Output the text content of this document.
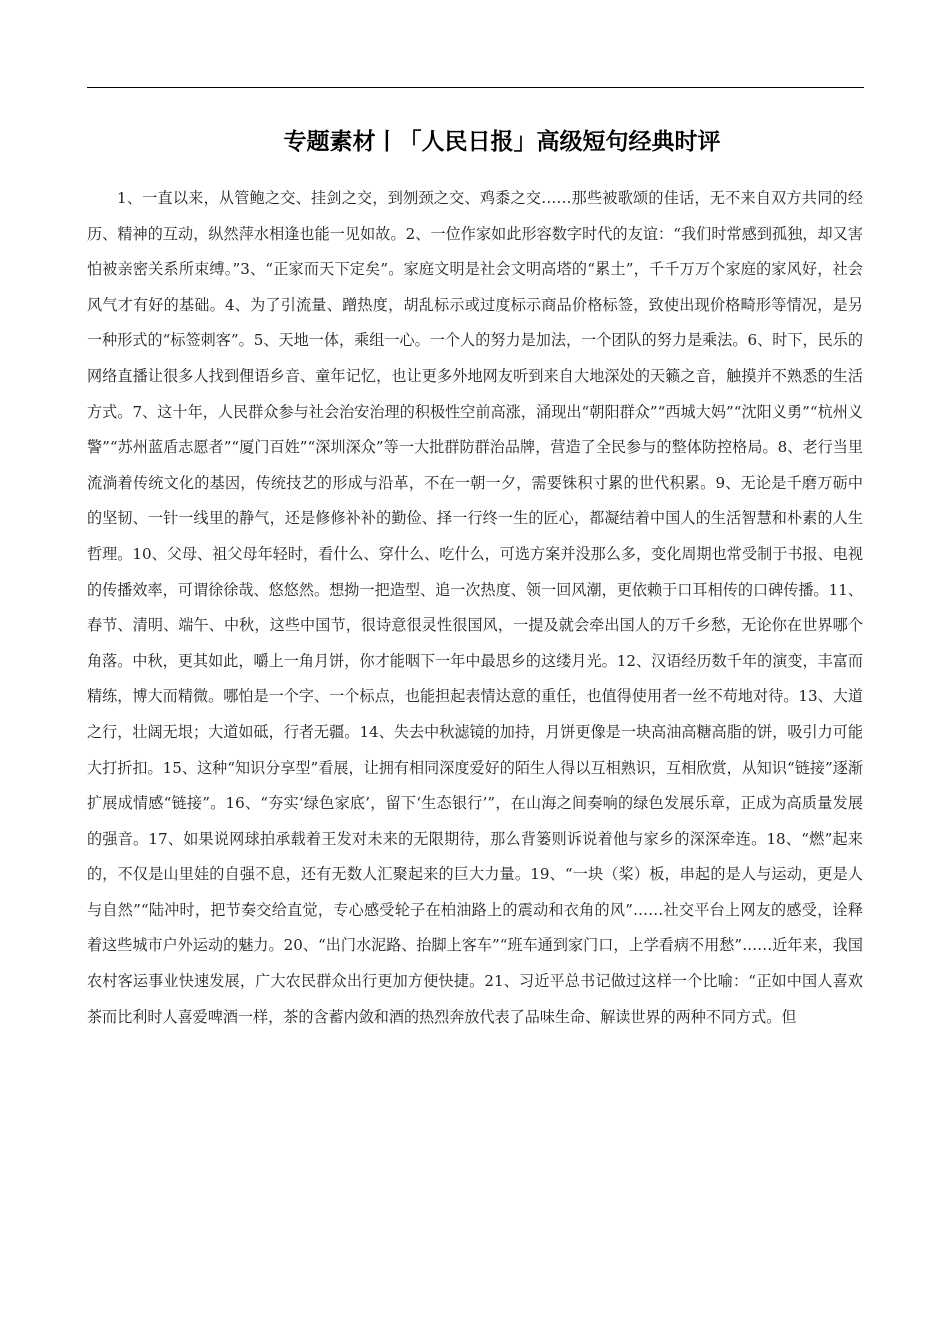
专题素材丨「人民日报」高级短句经典时评

1、一直以来，从管鲍之交、挂剑之交，到刎颈之交、鸡黍之交……那些被歌颂的佳话，无不来自双方共同的经历、精神的互动，纵然萍水相逢也能一见如故。2、一位作家如此形容数字时代的友谊：“我们时常感到孤独，却又害怕被亲密关系所束缚。”3、“正家而天下定矣”。家庭文明是社会文明高塔的“累土”，千千万万个家庭的家风好，社会风气才有好的基础。4、为了引流量、蹭热度，胡乱标示或过度标示商品价格标签，致使出现价格畸形等情况，是另一种形式的“标签刺客”。5、天地一体，乘组一心。一个人的努力是加法，一个团队的努力是乘法。6、时下，民乐的网络直播让很多人找到俚语乡音、童年记忆，也让更多外地网友听到来自大地深处的天籁之音，触摸并不熟悉的生活方式。7、这十年，人民群众参与社会治安治理的积极性空前高涨，涌现出“朝阳群众”“西城大妈”“沈阳义勇”“杭州义警”“苏州蓝盾志愿者”“厦门百姓”“深圳深众”等一大批群防群治品牌，营造了全民参与的整体防控格局。8、老行当里流淌着传统文化的基因，传统技艺的形成与沿革，不在一朝一夕，需要铢积寸累的世代积累。9、无论是千磨万砺中的坚韧、一针一线里的静气，还是修修补补的勤俭、择一行终一生的匠心，都凝结着中国人的生活智慧和朴素的人生哲理。10、父母、祖父母年轻时，看什么、穿什么、吃什么，可选方案并没那么多，变化周期也常受制于书报、电视的传播效率，可谓徐徐哉、悠悠然。想拗一把造型、追一次热度、领一回风潮，更依赖于口耳相传的口碑传播。11、春节、清明、端午、中秋，这些中国节，很诗意很灵性很国风，一提及就会牵出国人的万千乡愁，无论你在世界哪个角落。中秋，更其如此，嚼上一角月饼，你才能咽下一年中最思乡的这缕月光。12、汉语经历数千年的演变，丰富而精练，博大而精微。哪怕是一个字、一个标点，也能担起表情达意的重任，也值得使用者一丝不苟地对待。13、大道之行，壮阔无垠；大道如砥，行者无疆。14、失去中秋滤镜的加持，月饼更像是一块高油高糖高脂的饼，吸引力可能大打折扣。15、这种“知识分享型”看展，让拥有相同深度爱好的陌生人得以互相熟识，互相欣赏，从知识“链接”逐渐扩展成情感“链接”。16、“夯实‘绿色家底’，留下‘生态银行’”，在山海之间奏响的绿色发展乐章，正成为高质量发展的强音。17、如果说网球拍承载着王发对未来的无限期待，那么背篓则诉说着他与家乡的深深牵连。18、“燃”起来的，不仅是山里娃的自强不息，还有无数人汇聚起来的巨大力量。19、“一块（桨）板，串起的是人与运动，更是人与自然”“陆冲时，把节奏交给直觉，专心感受轮子在柏油路上的震动和衣角的风”……社交平台上网友的感受，诠释着这些城市户外运动的魅力。20、“出门水泥路、抬脚上客车”“班车通到家门口，上学看病不用愁”……近年来，我国农村客运事业快速发展，广大农民群众出行更加方便快捷。21、习近平总书记做过这样一个比喻：“正如中国人喜欢茶而比利时人喜爱啤酒一样，茶的含蓄内敛和酒的热烈奔放代表了品味生命、解读世界的两种不同方式。但
